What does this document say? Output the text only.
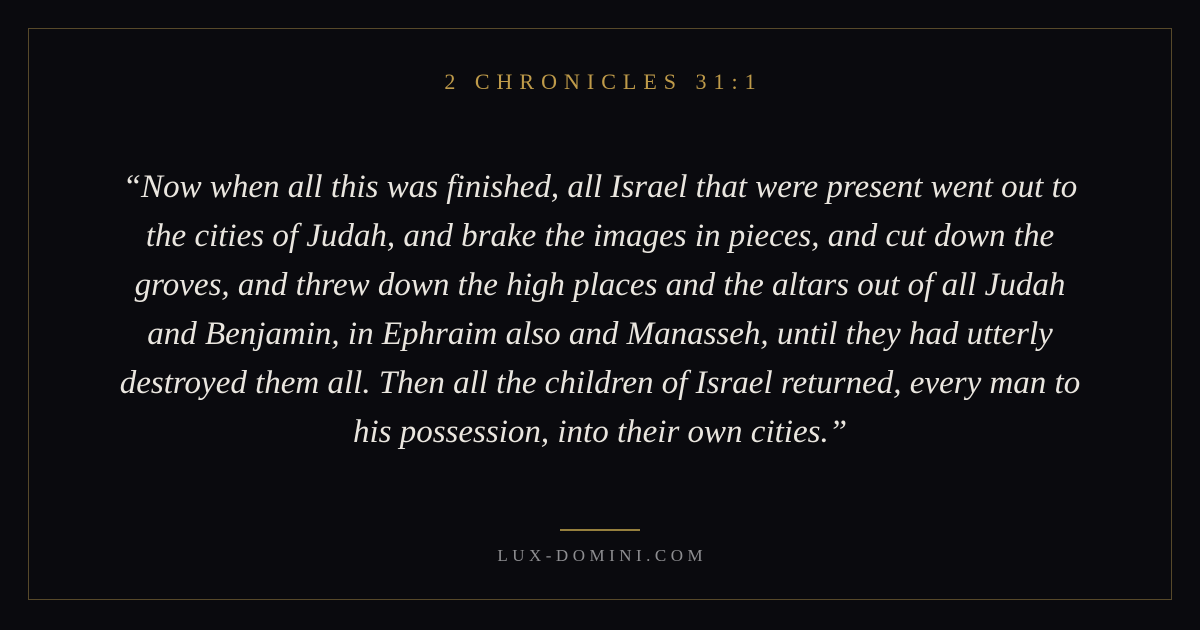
2 CHRONICLES 31:1
“Now when all this was finished, all Israel that were present went out to the cities of Judah, and brake the images in pieces, and cut down the groves, and threw down the high places and the altars out of all Judah and Benjamin, in Ephraim also and Manasseh, until they had utterly destroyed them all. Then all the children of Israel returned, every man to his possession, into their own cities.”
LUX-DOMINI.COM
